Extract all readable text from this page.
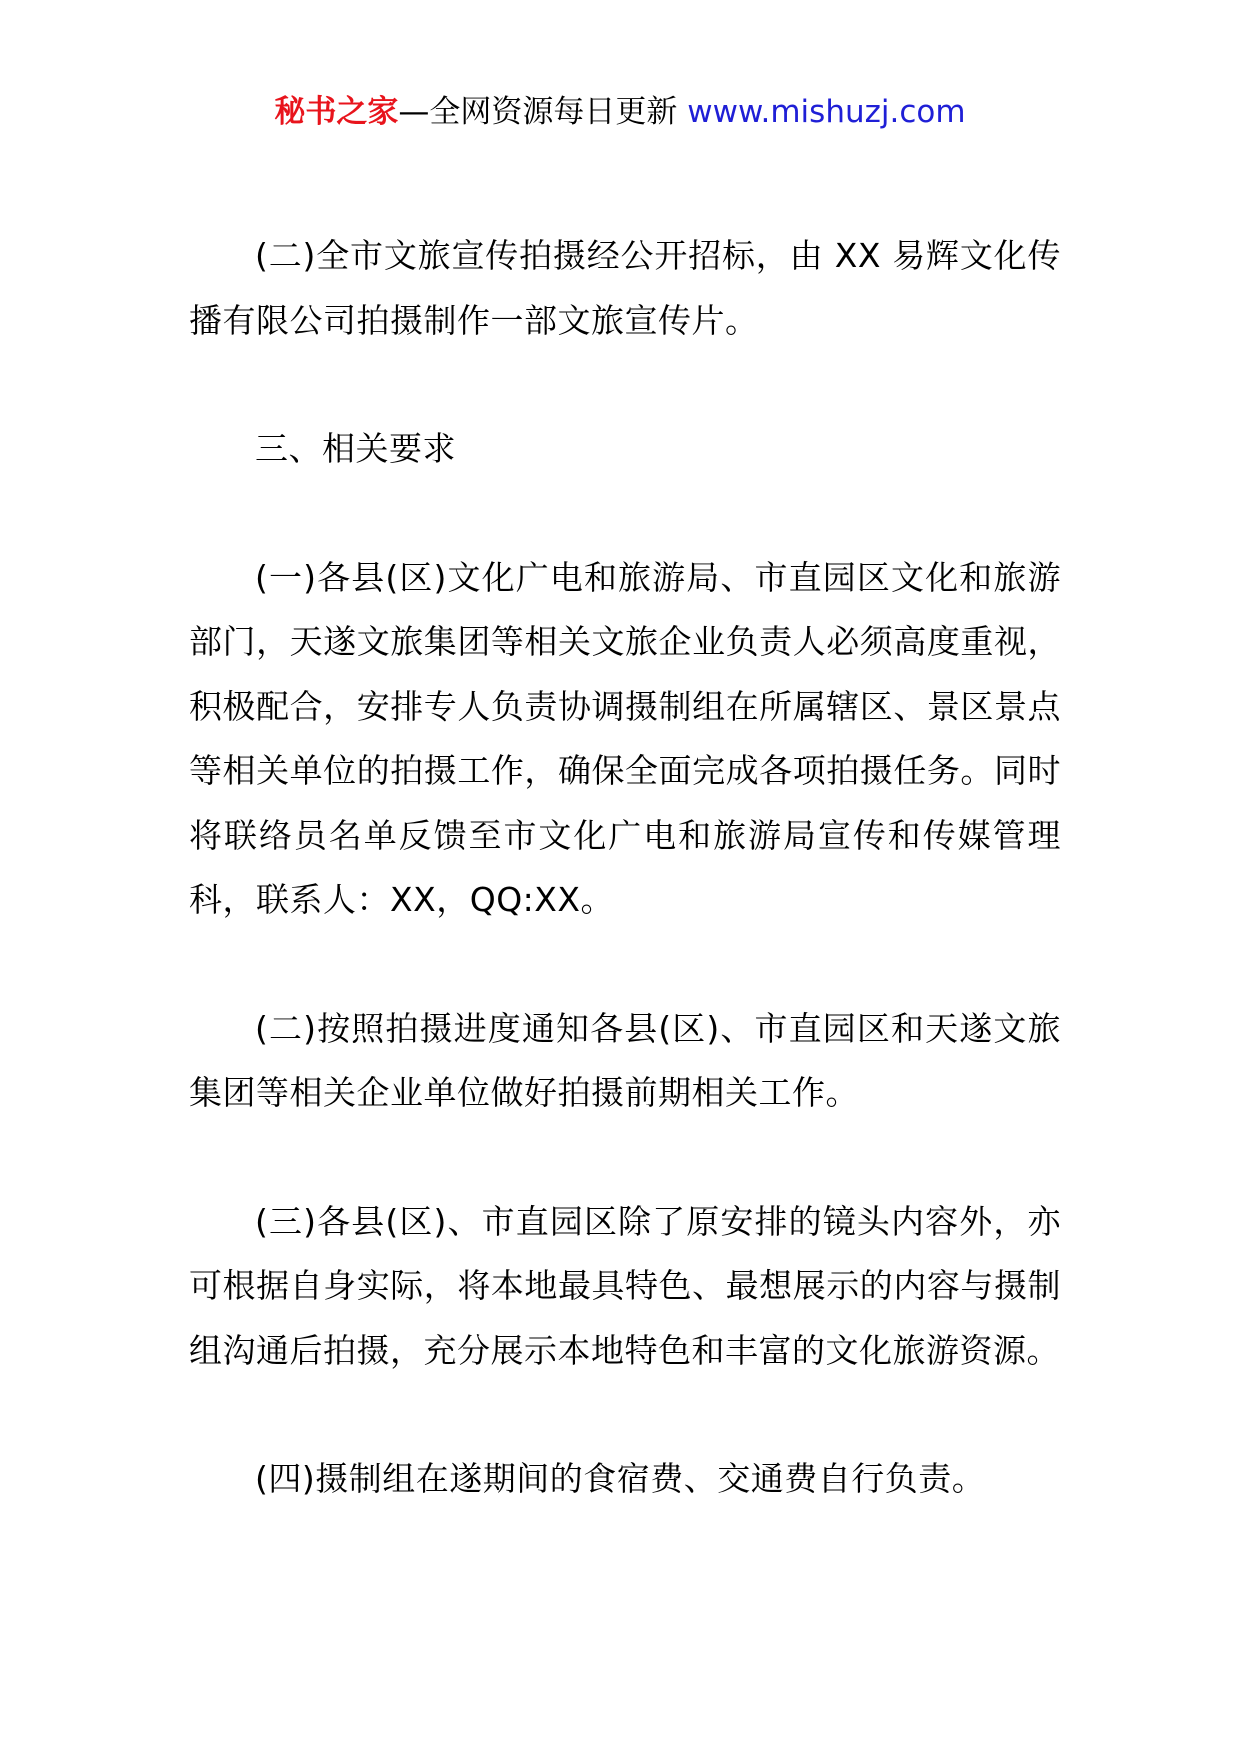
秘书之家—全网资源每日更新 www.mishuzj.com

(二)全市文旅宣传拍摄经公开招标，由 XX 易辉文化传播有限公司拍摄制作一部文旅宣传片。

三、相关要求

(一)各县(区)文化广电和旅游局、市直园区文化和旅游部门，天遂文旅集团等相关文旅企业负责人必须高度重视，积极配合，安排专人负责协调摄制组在所属辖区、景区景点等相关单位的拍摄工作，确保全面完成各项拍摄任务。同时将联络员名单反馈至市文化广电和旅游局宣传和传媒管理科，联系人：XX，QQ:XX。

(二)按照拍摄进度通知各县(区)、市直园区和天遂文旅集团等相关企业单位做好拍摄前期相关工作。

(三)各县(区)、市直园区除了原安排的镜头内容外，亦可根据自身实际，将本地最具特色、最想展示的内容与摄制组沟通后拍摄，充分展示本地特色和丰富的文化旅游资源。

(四)摄制组在遂期间的食宿费、交通费自行负责。
